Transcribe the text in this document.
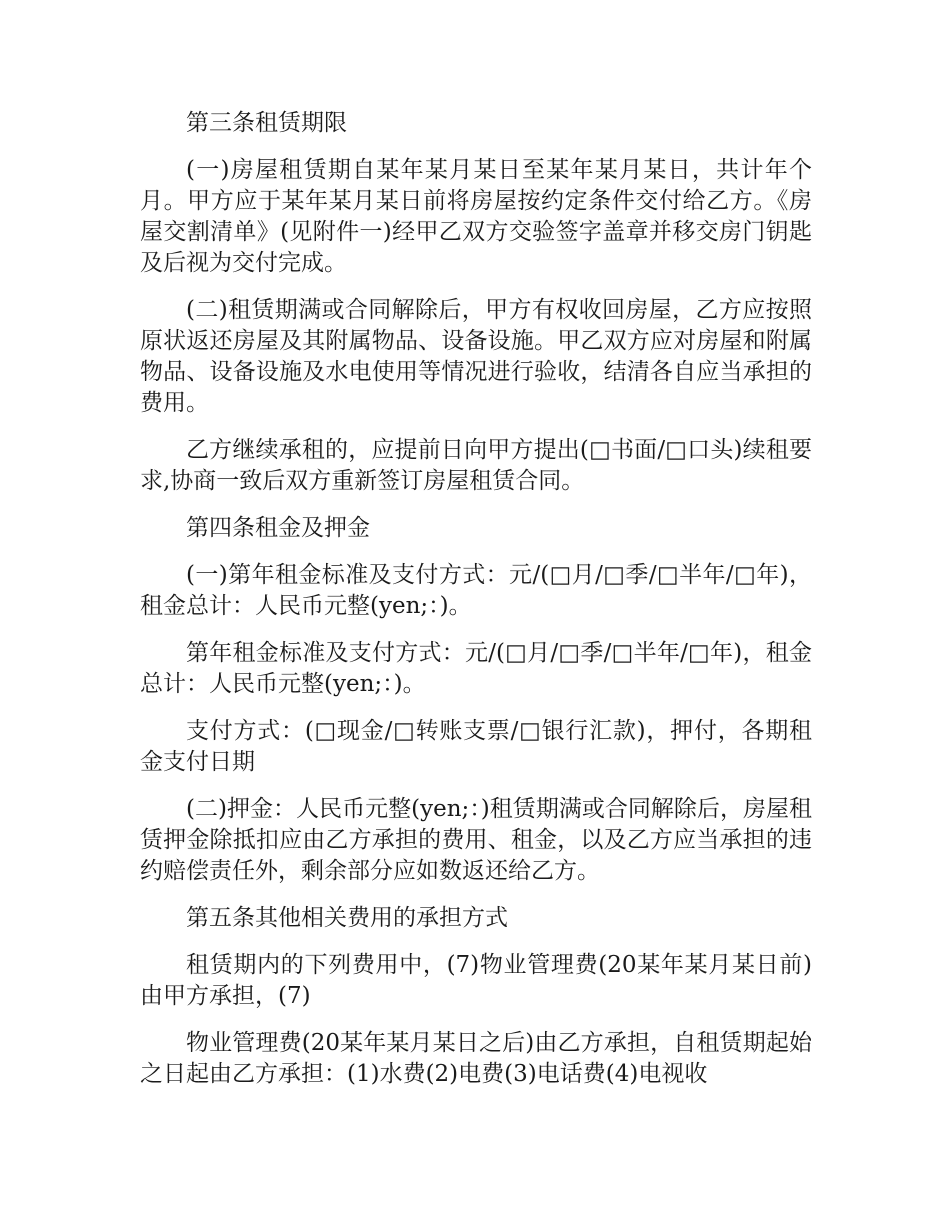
第三条租赁期限

(一)房屋租赁期自某年某月某日至某年某月某日，共计年个月。甲方应于某年某月某日前将房屋按约定条件交付给乙方。《房屋交割清单》(见附件一)经甲乙双方交验签字盖章并移交房门钥匙及后视为交付完成。

(二)租赁期满或合同解除后，甲方有权收回房屋，乙方应按照原状返还房屋及其附属物品、设备设施。甲乙双方应对房屋和附属物品、设备设施及水电使用等情况进行验收，结清各自应当承担的费用。

乙方继续承租的，应提前日向甲方提出(□书面/□口头)续租要求,协商一致后双方重新签订房屋租赁合同。

第四条租金及押金

(一)第年租金标准及支付方式：元/(□月/□季/□半年/□年)，租金总计：人民币元整(yen;：)。

第年租金标准及支付方式：元/(□月/□季/□半年/□年)，租金总计：人民币元整(yen;：)。

支付方式：(□现金/□转账支票/□银行汇款)，押付，各期租金支付日期

(二)押金：人民币元整(yen;：)租赁期满或合同解除后，房屋租赁押金除抵扣应由乙方承担的费用、租金，以及乙方应当承担的违约赔偿责任外，剩余部分应如数返还给乙方。

第五条其他相关费用的承担方式

租赁期内的下列费用中，(7)物业管理费(20某年某月某日前)由甲方承担，(7)

物业管理费(20某年某月某日之后)由乙方承担，自租赁期起始之日起由乙方承担：(1)水费(2)电费(3)电话费(4)电视收
